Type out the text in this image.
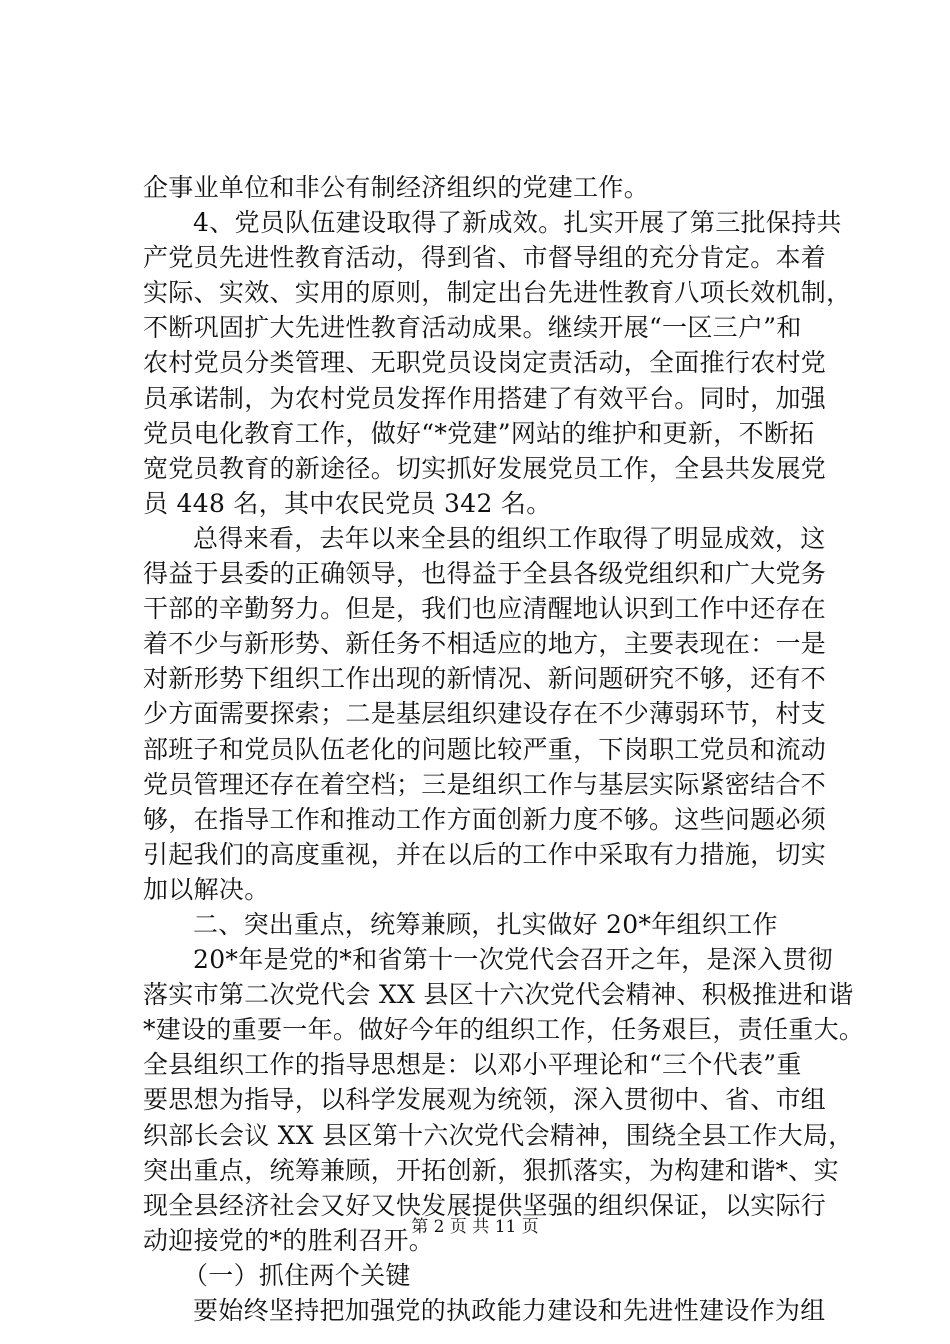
企事业单位和非公有制经济组织的党建工作。
4、党员队伍建设取得了新成效。扎实开展了第三批保持共
产党员先进性教育活动，得到省、市督导组的充分肯定。本着
实际、实效、实用的原则，制定出台先进性教育八项长效机制，
不断巩固扩大先进性教育活动成果。继续开展“一区三户”和
农村党员分类管理、无职党员设岗定责活动，全面推行农村党
员承诺制，为农村党员发挥作用搭建了有效平台。同时，加强
党员电化教育工作，做好“*党建”网站的维护和更新，不断拓
宽党员教育的新途径。切实抓好发展党员工作，全县共发展党
员 448 名，其中农民党员 342 名。
总得来看，去年以来全县的组织工作取得了明显成效，这
得益于县委的正确领导，也得益于全县各级党组织和广大党务
干部的辛勤努力。但是，我们也应清醒地认识到工作中还存在
着不少与新形势、新任务不相适应的地方，主要表现在：一是
对新形势下组织工作出现的新情况、新问题研究不够，还有不
少方面需要探索；二是基层组织建设存在不少薄弱环节，村支
部班子和党员队伍老化的问题比较严重，下岗职工党员和流动
党员管理还存在着空档；三是组织工作与基层实际紧密结合不
够，在指导工作和推动工作方面创新力度不够。这些问题必须
引起我们的高度重视，并在以后的工作中采取有力措施，切实
加以解决。
二、突出重点，统筹兼顾，扎实做好 20*年组织工作
20*年是党的*和省第十一次党代会召开之年，是深入贯彻
落实市第二次党代会 XX 县区十六次党代会精神、积极推进和谐
*建设的重要一年。做好今年的组织工作，任务艰巨，责任重大。
全县组织工作的指导思想是：以邓小平理论和“三个代表”重
要思想为指导，以科学发展观为统领，深入贯彻中、省、市组
织部长会议 XX 县区第十六次党代会精神，围绕全县工作大局，
突出重点，统筹兼顾，开拓创新，狠抓落实，为构建和谐*、实
现全县经济社会又好又快发展提供坚强的组织保证，以实际行
动迎接党的*的胜利召开。
（一）抓住两个关键
要始终坚持把加强党的执政能力建设和先进性建设作为组
第 2 页 共 11 页
